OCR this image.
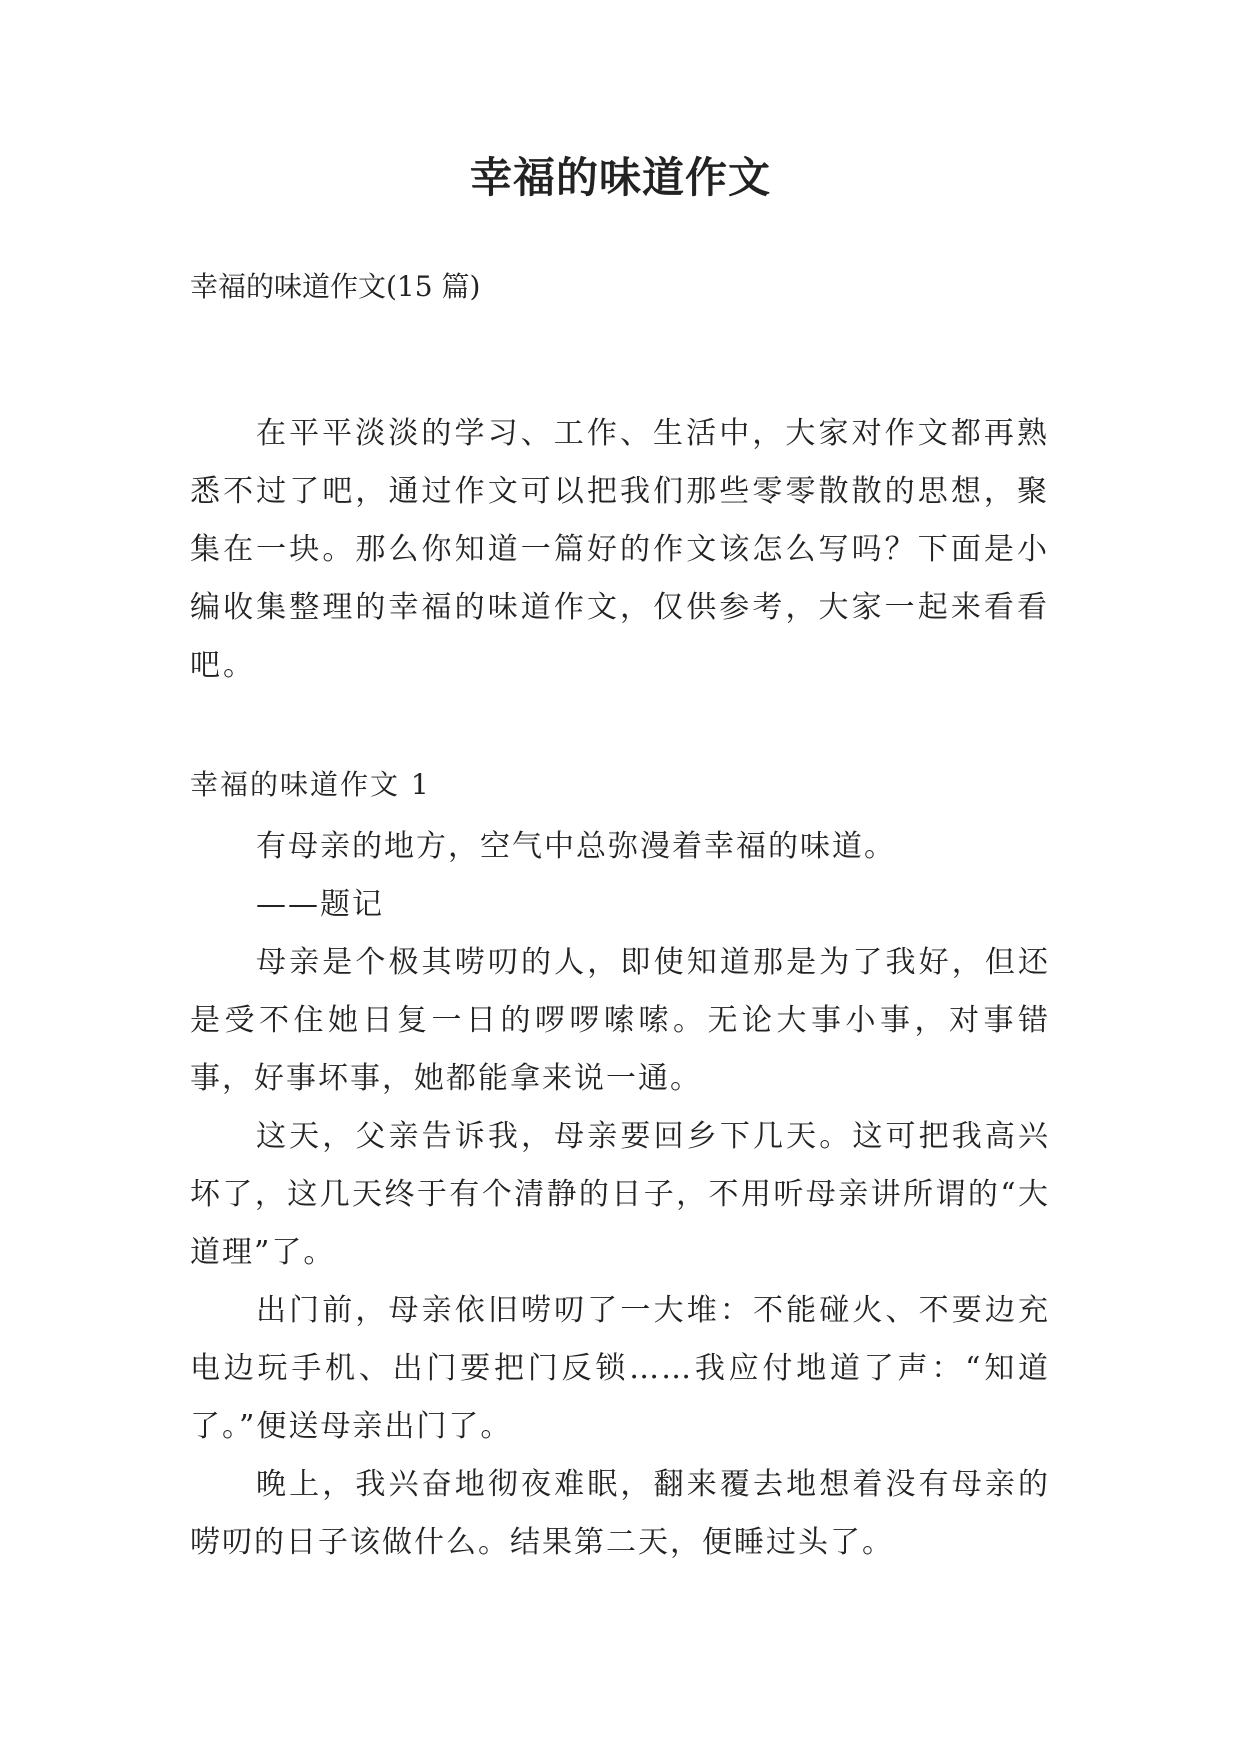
幸福的味道作文
幸福的味道作文(15 篇)
在平平淡淡的学习、工作、生活中，大家对作文都再熟悉不过了吧，通过作文可以把我们那些零零散散的思想，聚集在一块。那么你知道一篇好的作文该怎么写吗？下面是小编收集整理的幸福的味道作文，仅供参考，大家一起来看看吧。
幸福的味道作文 1

有母亲的地方，空气中总弥漫着幸福的味道。

——题记

母亲是个极其唠叨的人，即使知道那是为了我好，但还是受不住她日复一日的啰啰嗦嗦。无论大事小事，对事错事，好事坏事，她都能拿来说一通。

这天，父亲告诉我，母亲要回乡下几天。这可把我高兴坏了，这几天终于有个清静的日子，不用听母亲讲所谓的“大道理”了。

出门前，母亲依旧唠叨了一大堆：不能碰火、不要边充电边玩手机、出门要把门反锁……我应付地道了声：“知道了。”便送母亲出门了。

晚上，我兴奋地彻夜难眠，翻来覆去地想着没有母亲的唠叨的日子该做什么。结果第二天，便睡过头了。
